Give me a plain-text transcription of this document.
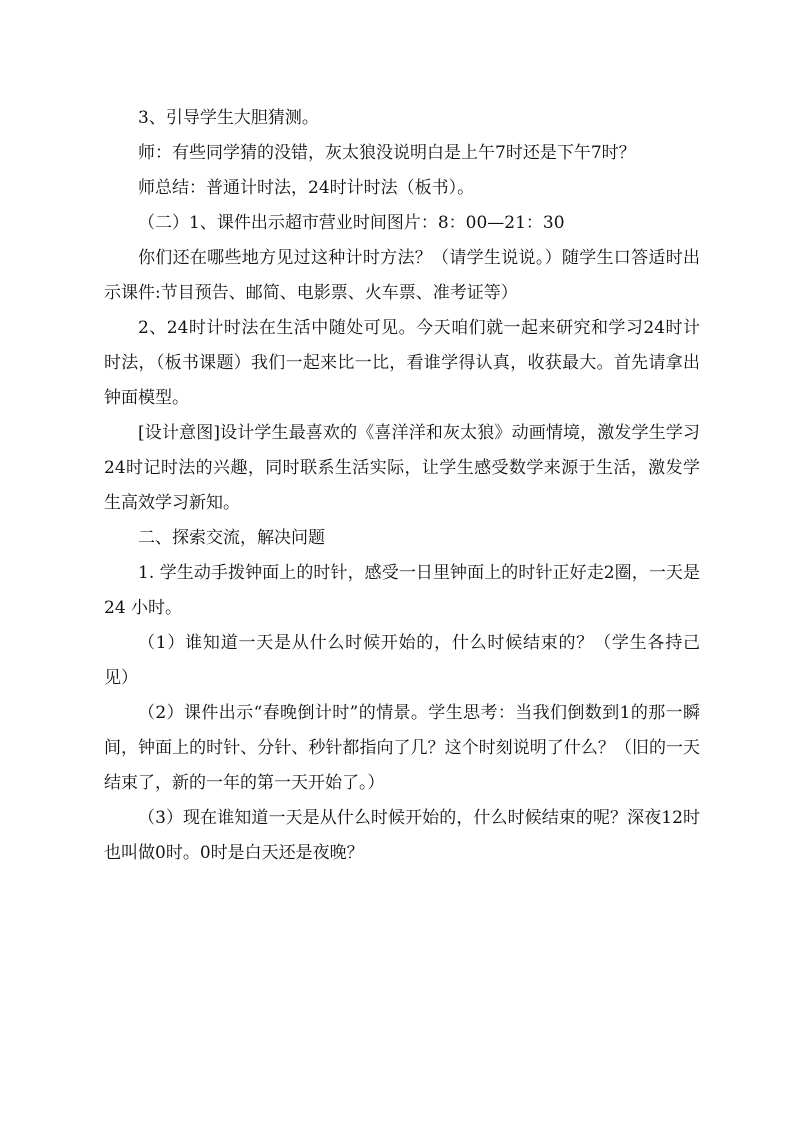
3、引导学生大胆猜测。

师：有些同学猜的没错，灰太狼没说明白是上午7时还是下午7时？

师总结：普通计时法，24时计时法（板书）。

（二）1、课件出示超市营业时间图片：8：00—21：30

你们还在哪些地方见过这种计时方法？（请学生说说。）随学生口答适时出示课件:节目预告、邮简、电影票、火车票、准考证等）

2、24时计时法在生活中随处可见。今天咱们就一起来研究和学习24时计时法，（板书课题）我们一起来比一比，看谁学得认真，收获最大。首先请拿出钟面模型。

[设计意图]设计学生最喜欢的《喜洋洋和灰太狼》动画情境，激发学生学习24时记时法的兴趣，同时联系生活实际，让学生感受数学来源于生活，激发学生高效学习新知。

二、探索交流，解决问题

1. 学生动手拨钟面上的时针，感受一日里钟面上的时针正好走2圈，一天是24 小时。

（1）谁知道一天是从什么时候开始的，什么时候结束的？（学生各持己见）

（2）课件出示“春晚倒计时”的情景。学生思考：当我们倒数到1的那一瞬间，钟面上的时针、分针、秒针都指向了几？这个时刻说明了什么？（旧的一天结束了，新的一年的第一天开始了。）

（3）现在谁知道一天是从什么时候开始的，什么时候结束的呢？深夜12时也叫做0时。0时是白天还是夜晚？
